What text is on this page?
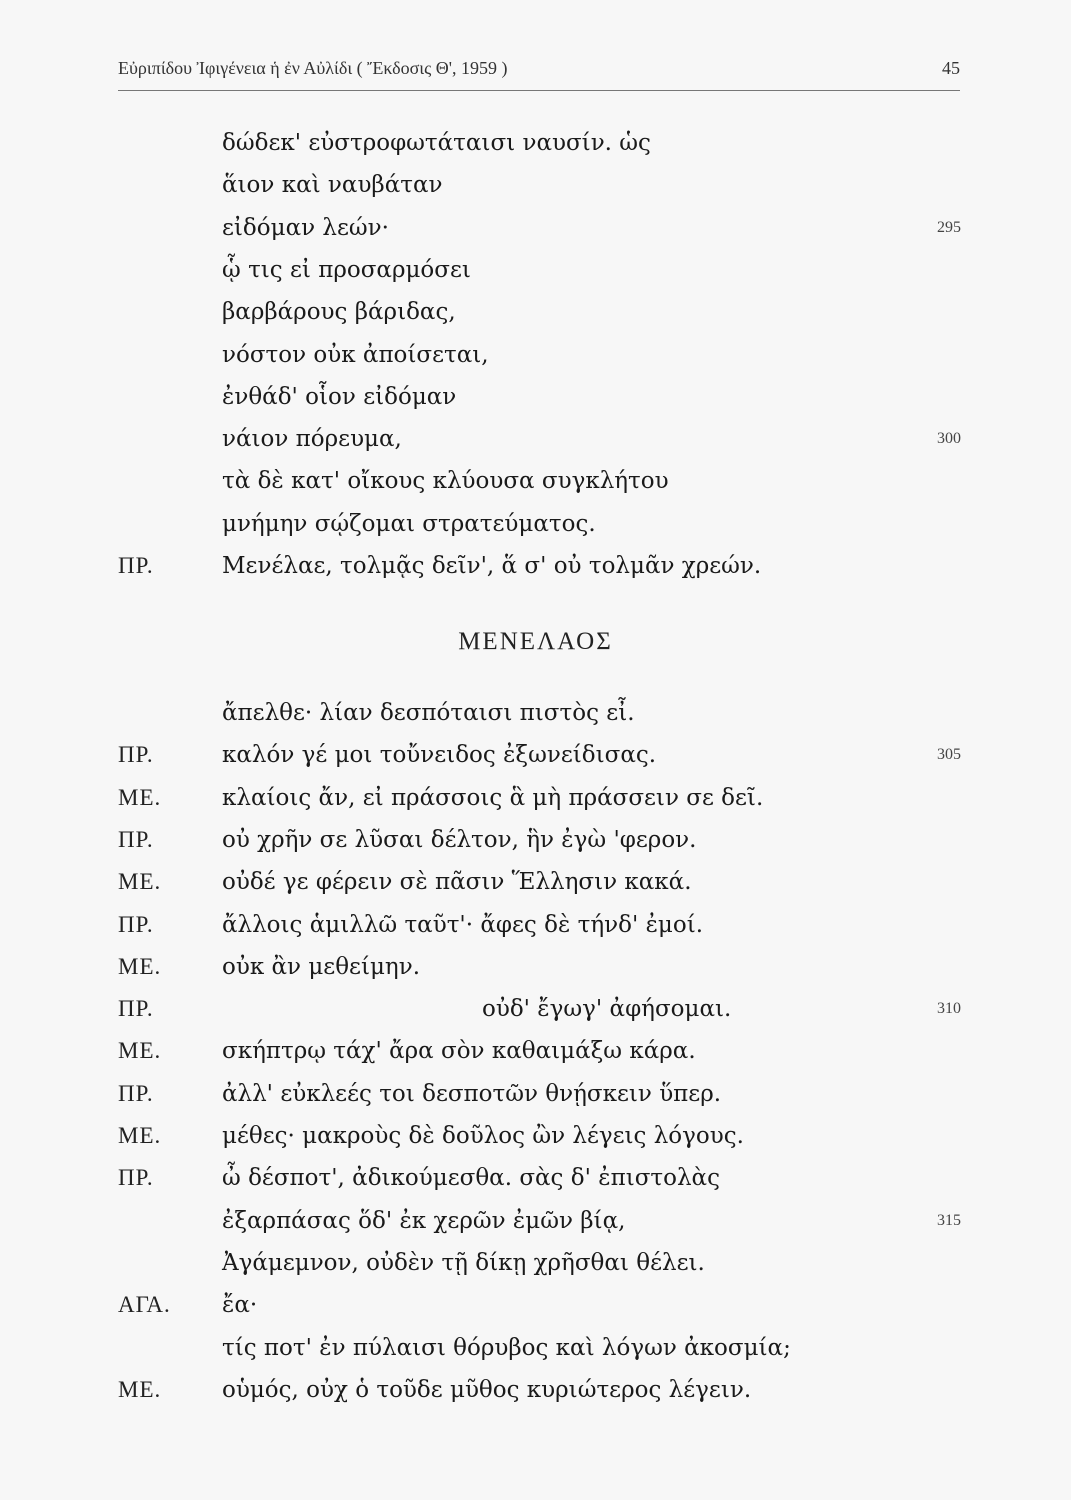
Εὐριπίδου Ἰφιγένεια ἡ ἐν Αὐλίδι ( Ἔκδοσις Θ', 1959 )	45
δώδεκ' εὐστροφωτάταισι ναυσίν. ὡς
ἅιον καὶ ναυβάταν
εἰδόμαν λεών·	295
ᾧ τις εἰ προσαρμόσει
βαρβάρους βάριδας,
νόστον οὐκ ἀποίσεται,
ἐνθάδ' οἷον εἰδόμαν
νάιον πόρευμα,	300
τὰ δὲ κατ' οἴκους κλύουσα συγκλήτου
μνήμην σῴζομαι στρατεύματος.
ΠΡ.	Μενέλαε, τολμᾷς δεῖν', ἅ σ' οὐ τολμᾶν χρεών.
ΜΕΝΕΛΑΟΣ
ἄπελθε· λίαν δεσπόταισι πιστὸς εἶ.
ΠΡ.	καλόν γέ μοι τοὔνειδος ἐξωνείδισας.	305
ΜΕ.	κλαίοις ἄν, εἰ πράσσοις ἃ μὴ πράσσειν σε δεῖ.
ΠΡ.	οὐ χρῆν σε λῦσαι δέλτον, ἣν ἐγὼ 'φερον.
ΜΕ.	οὐδέ γε φέρειν σὲ πᾶσιν Ἕλλησιν κακά.
ΠΡ.	ἄλλοις ἁμιλλῶ ταῦτ'· ἄφες δὲ τήνδ' ἐμοί.
ΜΕ.	οὐκ ἂν μεθείμην.
ΠΡ.	οὐδ' ἔγωγ' ἀφήσομαι.	310
ΜΕ.	σκήπτρῳ τάχ' ἄρα σὸν καθαιμάξω κάρα.
ΠΡ.	ἀλλ' εὐκλεές τοι δεσποτῶν θνῄσκειν ὕπερ.
ΜΕ.	μέθες· μακροὺς δὲ δοῦλος ὢν λέγεις λόγους.
ΠΡ.	ὦ δέσποτ', ἀδικούμεσθα. σὰς δ' ἐπιστολὰς
ἐξαρπάσας ὅδ' ἐκ χερῶν ἐμῶν βίᾳ,	315
Ἀγάμεμνον, οὐδὲν τῇ δίκῃ χρῆσθαι θέλει.
ΑΓΑ. ἔα·
τίς ποτ' ἐν πύλαισι θόρυβος καὶ λόγων ἀκοσμία;
ΜΕ.	οὑμός, οὐχ ὁ τοῦδε μῦθος κυριώτερος λέγειν.
